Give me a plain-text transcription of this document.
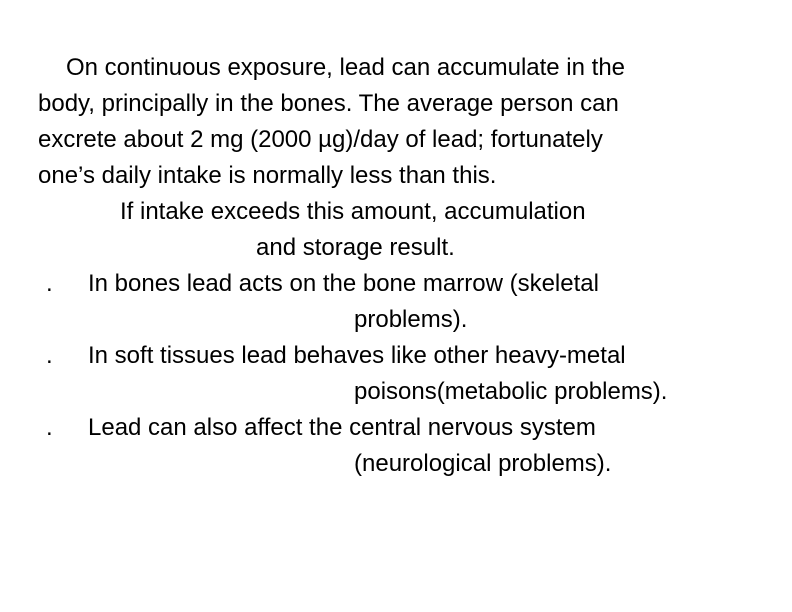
On continuous exposure, lead can accumulate in the
body, principally in the bones. The average person can
excrete about 2 mg (2000 µg)/day of lead; fortunately
one’s daily intake is normally less than this.
If intake exceeds this amount, accumulation
and storage result.
. In bones lead acts on the bone marrow (skeletal
problems).
. In soft tissues lead behaves like other heavy-metal
poisons(metabolic problems).
. Lead can also affect the central nervous system
(neurological problems).
